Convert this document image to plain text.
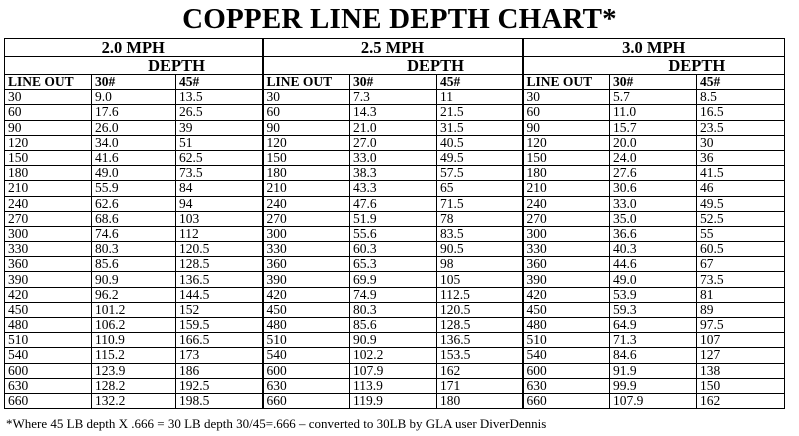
COPPER LINE DEPTH CHART*
2.0 MPH			2.5 MPH			3.0 MPH		
	DEPTH			DEPTH			DEPTH	
LINE OUT	30#	45#	LINE OUT	30#	45#	LINE OUT	30#	45#
30	9.0	13.5	30	7.3	11	30	5.7	8.5
60	17.6	26.5	60	14.3	21.5	60	11.0	16.5
90	26.0	39	90	21.0	31.5	90	15.7	23.5
120	34.0	51	120	27.0	40.5	120	20.0	30
150	41.6	62.5	150	33.0	49.5	150	24.0	36
180	49.0	73.5	180	38.3	57.5	180	27.6	41.5
210	55.9	84	210	43.3	65	210	30.6	46
240	62.6	94	240	47.6	71.5	240	33.0	49.5
270	68.6	103	270	51.9	78	270	35.0	52.5
300	74.6	112	300	55.6	83.5	300	36.6	55
330	80.3	120.5	330	60.3	90.5	330	40.3	60.5
360	85.6	128.5	360	65.3	98	360	44.6	67
390	90.9	136.5	390	69.9	105	390	49.0	73.5
420	96.2	144.5	420	74.9	112.5	420	53.9	81
450	101.2	152	450	80.3	120.5	450	59.3	89
480	106.2	159.5	480	85.6	128.5	480	64.9	97.5
510	110.9	166.5	510	90.9	136.5	510	71.3	107
540	115.2	173	540	102.2	153.5	540	84.6	127
600	123.9	186	600	107.9	162	600	91.9	138
630	128.2	192.5	630	113.9	171	630	99.9	150
660	132.2	198.5	660	119.9	180	660	107.9	162
*Where 45 LB depth X .666 = 30 LB depth 30/45=.666 – converted to 30LB by GLA user DiverDennis
